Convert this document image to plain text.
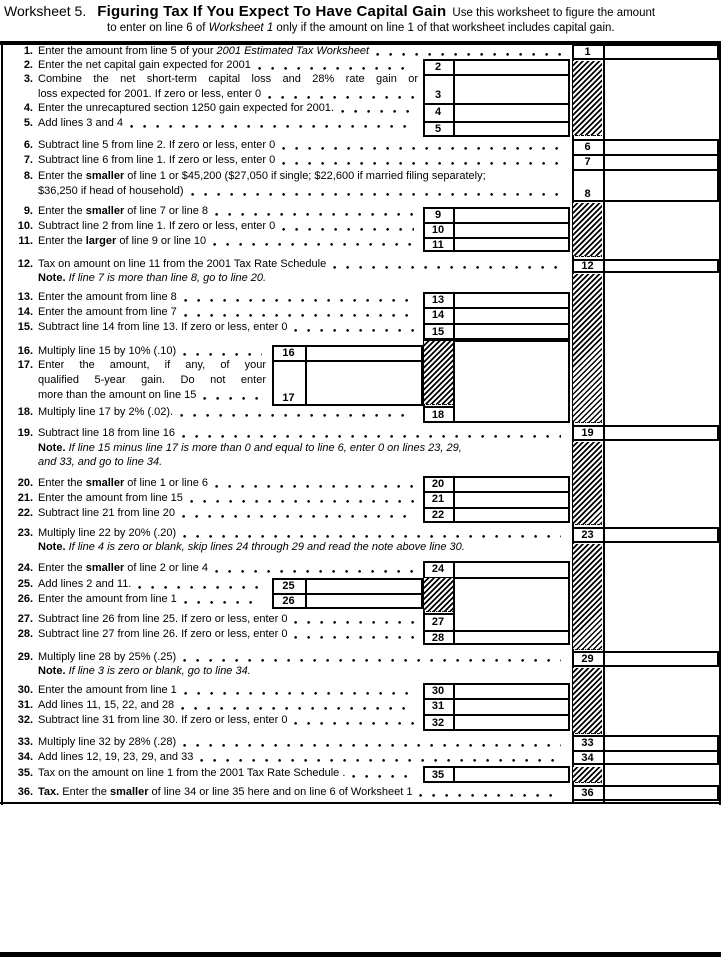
Worksheet 5. Figuring Tax If You Expect To Have Capital Gain Use this worksheet to figure the amount
to enter on line 6 of Worksheet 1 only if the amount on line 1 of that worksheet includes capital gain.
1
2
3
4
5
6
7
8
9
10
11
12
13
14
15
16
17
18
19
20
21
22
23
24
25
26
27
28
29
30
31
32
33
34
35
36
1. Enter the amount from line 5 of your 2001 Estimated Tax Worksheet
2. Enter the net capital gain expected for 2001
3. Combine the net short-term capital loss and 28% rate gain or
loss expected for 2001. If zero or less, enter 0
4. Enter the unrecaptured section 1250 gain expected for 2001.
5. Add lines 3 and 4
6. Subtract line 5 from line 2. If zero or less, enter 0
7. Subtract line 6 from line 1. If zero or less, enter 0
8. Enter the smaller of line 1 or $45,200 ($27,050 if single; $22,600 if married filing separately;
$36,250 if head of household)
9. Enter the smaller of line 7 or line 8
10. Subtract line 2 from line 1. If zero or less, enter 0
11. Enter the larger of line 9 or line 10
12. Tax on amount on line 11 from the 2001 Tax Rate Schedule
Note. If line 7 is more than line 8, go to line 20.
13. Enter the amount from line 8
14. Enter the amount from line 7
15. Subtract line 14 from line 13. If zero or less, enter 0
16. Multiply line 15 by 10% (.10)
17. Enter the amount, if any, of your
qualified 5-year gain. Do not enter
more than the amount on line 15
18. Multiply line 17 by 2% (.02).
19. Subtract line 18 from line 16
Note. If line 15 minus line 17 is more than 0 and equal to line 6, enter 0 on lines 23, 29,
and 33, and go to line 34.
20. Enter the smaller of line 1 or line 6
21. Enter the amount from line 15
22. Subtract line 21 from line 20
23. Multiply line 22 by 20% (.20)
Note. If line 4 is zero or blank, skip lines 24 through 29 and read the note above line 30.
24. Enter the smaller of line 2 or line 4
25. Add lines 2 and 11.
26. Enter the amount from line 1
27. Subtract line 26 from line 25. If zero or less, enter 0
28. Subtract line 27 from line 26. If zero or less, enter 0
29. Multiply line 28 by 25% (.25)
Note. If line 3 is zero or blank, go to line 34.
30. Enter the amount from line 1
31. Add lines 11, 15, 22, and 28
32. Subtract line 31 from line 30. If zero or less, enter 0
33. Multiply line 32 by 28% (.28)
34. Add lines 12, 19, 23, 29, and 33
35. Tax on the amount on line 1 from the 2001 Tax Rate Schedule .
36. Tax. Enter the smaller of line 34 or line 35 here and on line 6 of Worksheet 1
